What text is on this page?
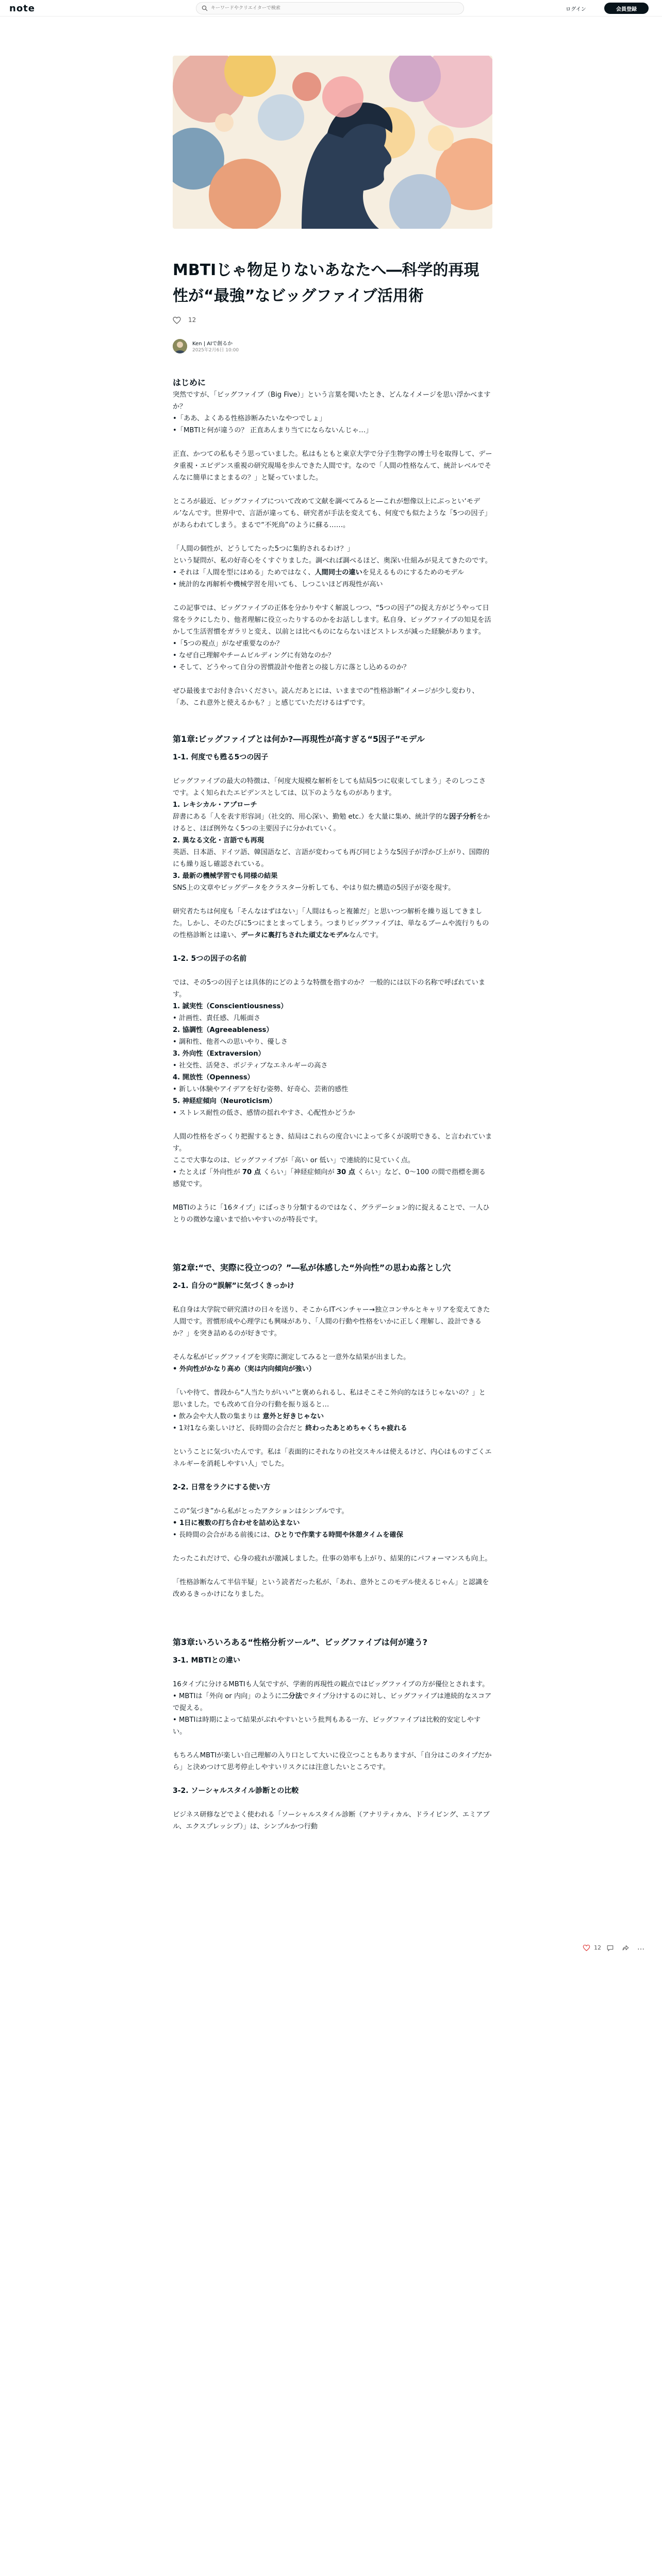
note
キーワードやクリエイターで検索	ログイン	会員登録
MBTIじゃ物足りないあなたへ―科学的再現性が“最強”なビッグファイブ活用術
12
Ken | AIで創るか
2025年2月6日 10:00

はじめに

突然ですが、「ビッグファイブ（Big Five）」という言葉を聞いたとき、どんなイメージを思い浮かべますか？

•「ああ、よくある性格診断みたいなやつでしょ」

•「MBTIと何が違うの？ 正直あんまり当てにならないんじゃ…」

正直、かつての私もそう思っていました。私はもともと東京大学で分子生物学の博士号を取得して、データ重視・エビデンス重視の研究現場を歩んできた人間です。なので「人間の性格なんて、統計レベルでそんなに簡単にまとまるの？」と疑っていました。

ところが最近、ビッグファイブについて改めて文献を調べてみると―これが想像以上にぶっとい‘モデル’なんです。世界中で、言語が違っても、研究者が手法を変えても、何度でも似たような「5つの因子」があらわれてしまう。まるで“不死鳥”のように蘇る……。

「人間の個性が、どうしてたった5つに集約されるわけ？」

という疑問が、私の好奇心をくすぐりました。調べれば調べるほど、奥深い仕組みが見えてきたのです。

• それは「人間を型にはめる」ためではなく、人間同士の違いを見えるものにするためのモデル

• 統計的な再解析や機械学習を用いても、しつこいほど再現性が高い

この記事では、ビッグファイブの正体を分かりやすく解説しつつ、“5つの因子”の捉え方がどうやって日常をラクにしたり、他者理解に役立ったりするのかをお話しします。私自身、ビッグファイブの知見を活かして生活習慣をガラリと変え、以前とは比べものにならないほどストレスが減った経験があります。

•「5つの視点」がなぜ重要なのか？

• なぜ自己理解やチームビルディングに有効なのか？

• そして、どうやって自分の習慣設計や他者との接し方に落とし込めるのか？

ぜひ最後までお付き合いください。読んだあとには、いままでの“性格診断”イメージが少し変わり、「あ、これ意外と使えるかも？」と感じていただけるはずです。

第1章:ビッグファイブとは何か?―再現性が高すぎる“5因子”モデル

1-1. 何度でも甦る5つの因子

ビッグファイブの最大の特徴は、「何度大規模な解析をしても結局5つに収束してしまう」そのしつこさです。よく知られたエピデンスとしては、以下のようなものがあります。

1. レキシカル・アプローチ

辞書にある「人を表す形容詞」（社交的、用心深い、勤勉 etc.）を大量に集め、統計学的な因子分析をかけると、ほぼ例外なく5つの主要因子に分かれていく。

2. 異なる文化・言語でも再現

英語、日本語、ドイツ語、韓国語など、言語が変わっても再び同じような5因子が浮かび上がり、国際的にも繰り返し確認されている。

3. 最新の機械学習でも同様の結果

SNS上の文章やビッグデータをクラスター分析しても、やはり似た構造の5因子が姿を現す。

研究者たちは何度も「そんなはずはない」「人間はもっと複雑だ」と思いつつ解析を繰り返してきました。しかし、そのたびに5つにまとまってしまう。つまりビッグファイブは、単なるブームや流行りものの性格診断とは違い、データに裏打ちされた頑丈なモデルなんです。

1-2. 5つの因子の名前

では、その5つの因子とは具体的にどのような特徴を指すのか？ 一般的には以下の名称で呼ばれています。

1. 誠実性（Conscientiousness）

• 計画性、責任感、几帳面さ

2. 協調性（Agreeableness）

• 調和性、他者への思いやり、優しさ

3. 外向性（Extraversion）

• 社交性、活発さ、ポジティブなエネルギーの高さ

4. 開放性（Openness）

• 新しい体験やアイデアを好む姿勢、好奇心、芸術的感性

5. 神経症傾向（Neuroticism）

• ストレス耐性の低さ、感情の揺れやすさ、心配性かどうか

人間の性格をざっくり把握するとき、結局はこれらの度合いによって多くが説明できる、と言われています。

ここで大事なのは、ビッグファイブが「高い or 低い」で連続的に見ていく点。

• たとえば「外向性が 70 点 くらい」「神経症傾向が 30 点 くらい」など、0〜100 の間で指標を測る感覚です。

MBTIのように「16タイプ」にばっさり分類するのではなく、グラデーション的に捉えることで、一人ひとりの微妙な違いまで拾いやすいのが特長です。

第2章:“で、実際に役立つの？”―私が体感した“外向性”の思わぬ落とし穴

2-1. 自分の“誤解”に気づくきっかけ

私自身は大学院で研究漬けの日々を送り、そこからITベンチャー→独立コンサルとキャリアを変えてきた人間です。習慣形成や心理学にも興味があり、「人間の行動や性格をいかに正しく理解し、設計できるか？」を突き詰めるのが好きです。

そんな私がビッグファイブを実際に測定してみると一意外な結果が出ました。

• 外向性がかなり高め（実は内向傾向が強い）

「いや待て、普段から“人当たりがいい”と褒められるし、私はそこそこ外向的なほうじゃないの？」と思いました。でも改めて自分の行動を振り返ると…

• 飲み会や大人数の集まりは 意外と好きじゃない

• 1対1なら楽しいけど、長時間の会合だと 終わったあとめちゃくちゃ疲れる

ということに気づいたんです。私は「表面的にそれなりの社交スキルは使えるけど、内心はものすごくエネルギーを消耗しやすい人」でした。

2-2. 日常をラクにする使い方

この“気づき”から私がとったアクションはシンプルです。

• 1日に複数の打ち合わせを詰め込まない

• 長時間の会合がある前後には、ひとりで作業する時間や休憩タイムを確保

たったこれだけで、心身の疲れが激減しました。仕事の効率も上がり、結果的にパフォーマンスも向上。

「性格診断なんて半信半疑」という読者だった私が、「あれ、意外とこのモデル使えるじゃん」と認識を改めるきっかけになりました。

第3章:いろいろある“性格分析ツール”、ビッグファイブは何が違う?

3-1. MBTIとの違い

16タイプに分けるMBTIも人気ですが、学術的再現性の観点ではビッグファイブの方が優位とされます。

• MBTIは「外向 or 内向」のように二分法でタイプ分けするのに対し、ビッグファイブは連続的なスコアで捉える。

• MBTIは時期によって結果がぶれやすいという批判もある一方、ビッグファイブは比較的安定しやすい。

もちろんMBTIが楽しい自己理解の入り口として大いに役立つこともありますが、「自分はこのタイプだから」と決めつけて思考停止しやすいリスクには注意したいところです。

3-2. ソーシャルスタイル診断との比較

ビジネス研修などでよく使われる「ソーシャルスタイル診断（アナリティカル、ドライビング、エミアブル、エクスプレッシブ）」は、シンプルかつ行動

12	…
